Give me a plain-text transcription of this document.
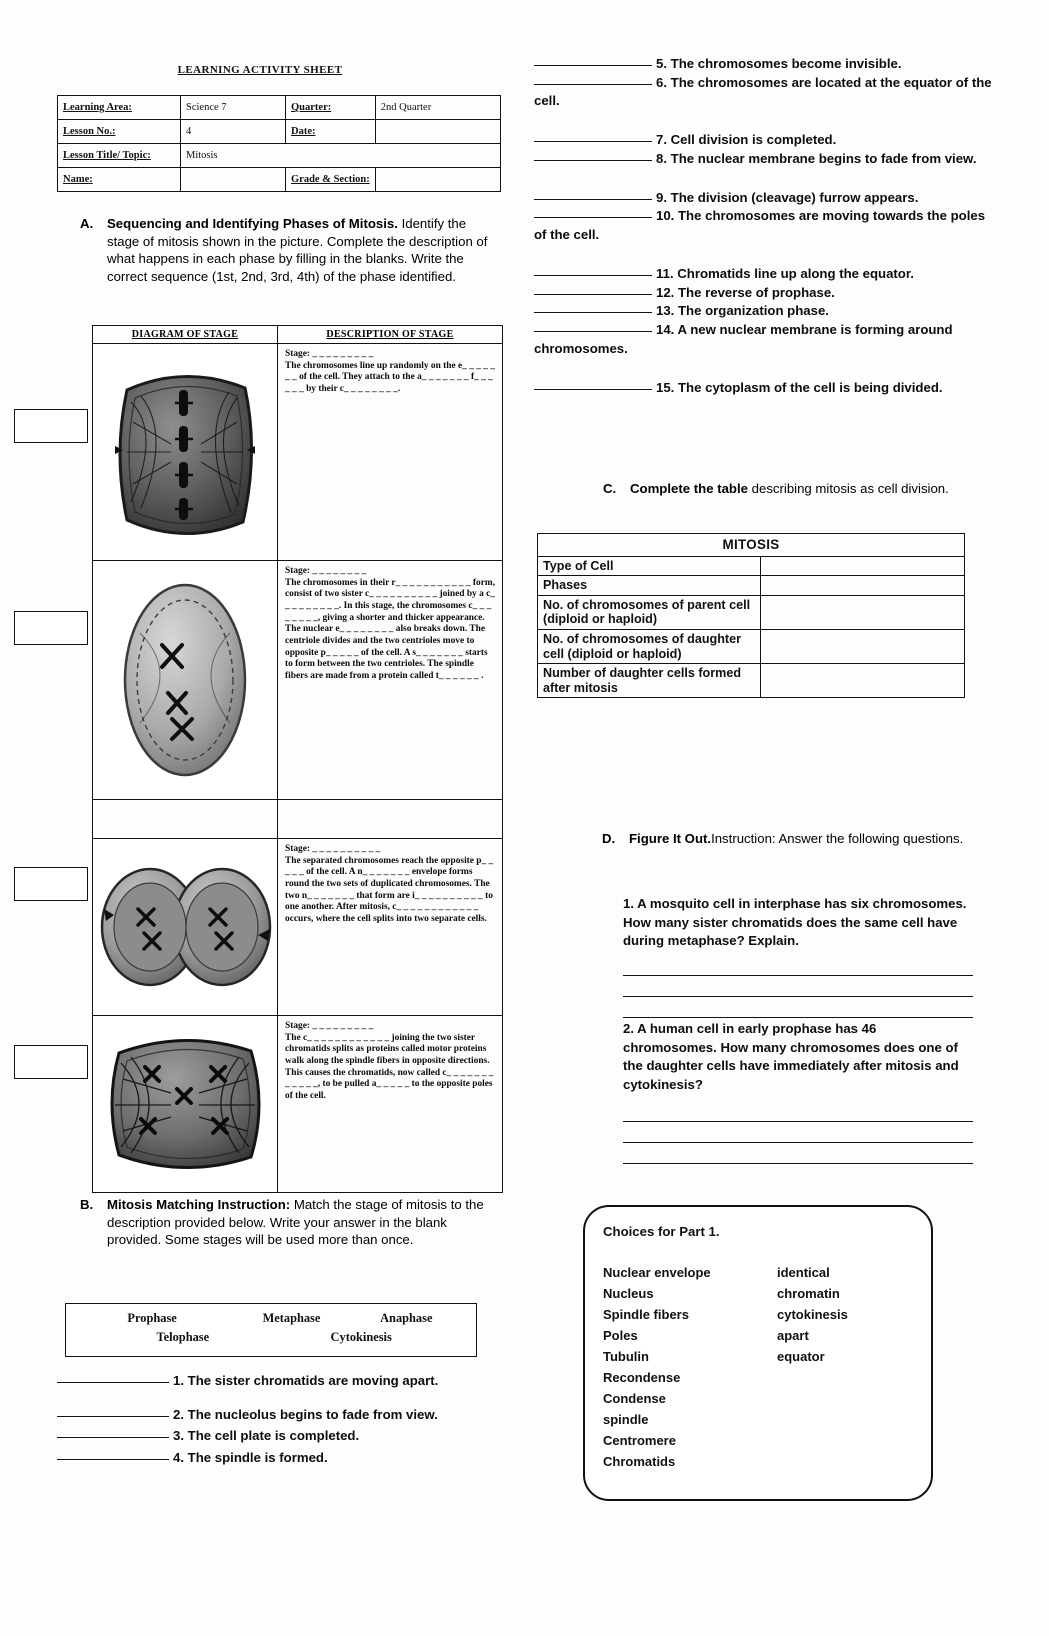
LEARNING ACTIVITY SHEET
Learning Area:	Science 7	Quarter:	2nd Quarter
Lesson No.:	4	Date:	
Lesson Title/ Topic:	Mitosis		
Name:		Grade & Section:	
A.	Sequencing and Identifying Phases of Mitosis. Identify the stage of mitosis shown in the picture. Complete the description of what happens in each phase by filling in the blanks. Write the correct sequence (1st, 2nd, 3rd, 4th) of the phase identified.
DIAGRAM OF STAGE	DESCRIPTION OF STAGE
Stage: _ _ _ _ _ _ _ _ _
The chromosomes line up randomly on the e_ _ _ _ _ _ _ of the cell. They attach to the a_ _ _ _ _ _ _ f_ _ _ _ _ _ by their c_ _ _ _ _ _ _ _.
Stage: _ _ _ _ _ _ _ _
The chromosomes in their r_ _ _ _ _ _ _ _ _ _ _ form, consist of two sister c_ _ _ _ _ _ _ _ _ _ joined by a c_ _ _ _ _ _ _ _ _. In this stage, the chromosomes c_ _ _ _ _ _ _ _, giving a shorter and thicker appearance. The nuclear e_ _ _ _ _ _ _ _ also breaks down. The centriole divides and the two centrioles move to opposite p_ _ _ _ _ of the cell. A s_ _ _ _ _ _ _ starts to form between the two centrioles. The spindle fibers are made from a protein called t_ _ _ _ _ _ .
Stage: _ _ _ _ _ _ _ _ _ _
The separated chromosomes reach the opposite p_ _ _ _ _ of the cell. A n_ _ _ _ _ _ _ envelope forms round the two sets of duplicated chromosomes. The two n_ _ _ _ _ _ _ that form are i_ _ _ _ _ _ _ _ _ _ to one another. After mitosis, c_ _ _ _ _ _ _ _ _ _ _ _ occurs, where the cell splits into two separate cells.
Stage: _ _ _ _ _ _ _ _ _
The c_ _ _ _ _ _ _ _ _ _ _ _ joining the two sister chromatids splits as proteins called motor proteins walk along the spindle fibers in opposite directions. This causes the chromatids, now called c_ _ _ _ _ _ _ _ _ _ _ _, to be pulled a_ _ _ _ _ to the opposite poles of the cell.
B.	Mitosis Matching Instruction: Match the stage of mitosis to the description provided below. Write your answer in the blank provided. Some stages will be used more than once.
Prophase	Metaphase	Anaphase
Telophase	Cytokinesis
1. The sister chromatids are moving apart.
2. The nucleolus begins to fade from view.
3. The cell plate is completed.
4. The spindle is formed.
5. The chromosomes become invisible.
6. The chromosomes are located at the equator of the cell.
7. Cell division is completed.
8. The nuclear membrane begins to fade from view.
9. The division (cleavage) furrow appears.
10. The chromosomes are moving towards the poles of the cell.
11. Chromatids line up along the equator.
12. The reverse of prophase.
13. The organization phase.
14. A new nuclear membrane is forming around chromosomes.
15. The cytoplasm of the cell is being divided.
C.	Complete the table describing mitosis as cell division.
MITOSIS	
Type of Cell	
Phases	
No. of chromosomes of parent cell (diploid or haploid)	
No. of chromosomes of daughter cell (diploid or haploid)	
Number of daughter cells formed after mitosis	
D.	Figure It Out.Instruction: Answer the following questions.
1. A mosquito cell in interphase has six chromosomes. How many sister chromatids does the same cell have during metaphase? Explain.
2. A human cell in early prophase has 46 chromosomes. How many chromosomes does one of the daughter cells have immediately after mitosis and cytokinesis?
Choices for Part 1.
Nuclear envelope
Nucleus
Spindle fibers
Poles
Tubulin
Recondense
Condense
spindle
Centromere
Chromatids
identical
chromatin
cytokinesis
apart
equator
